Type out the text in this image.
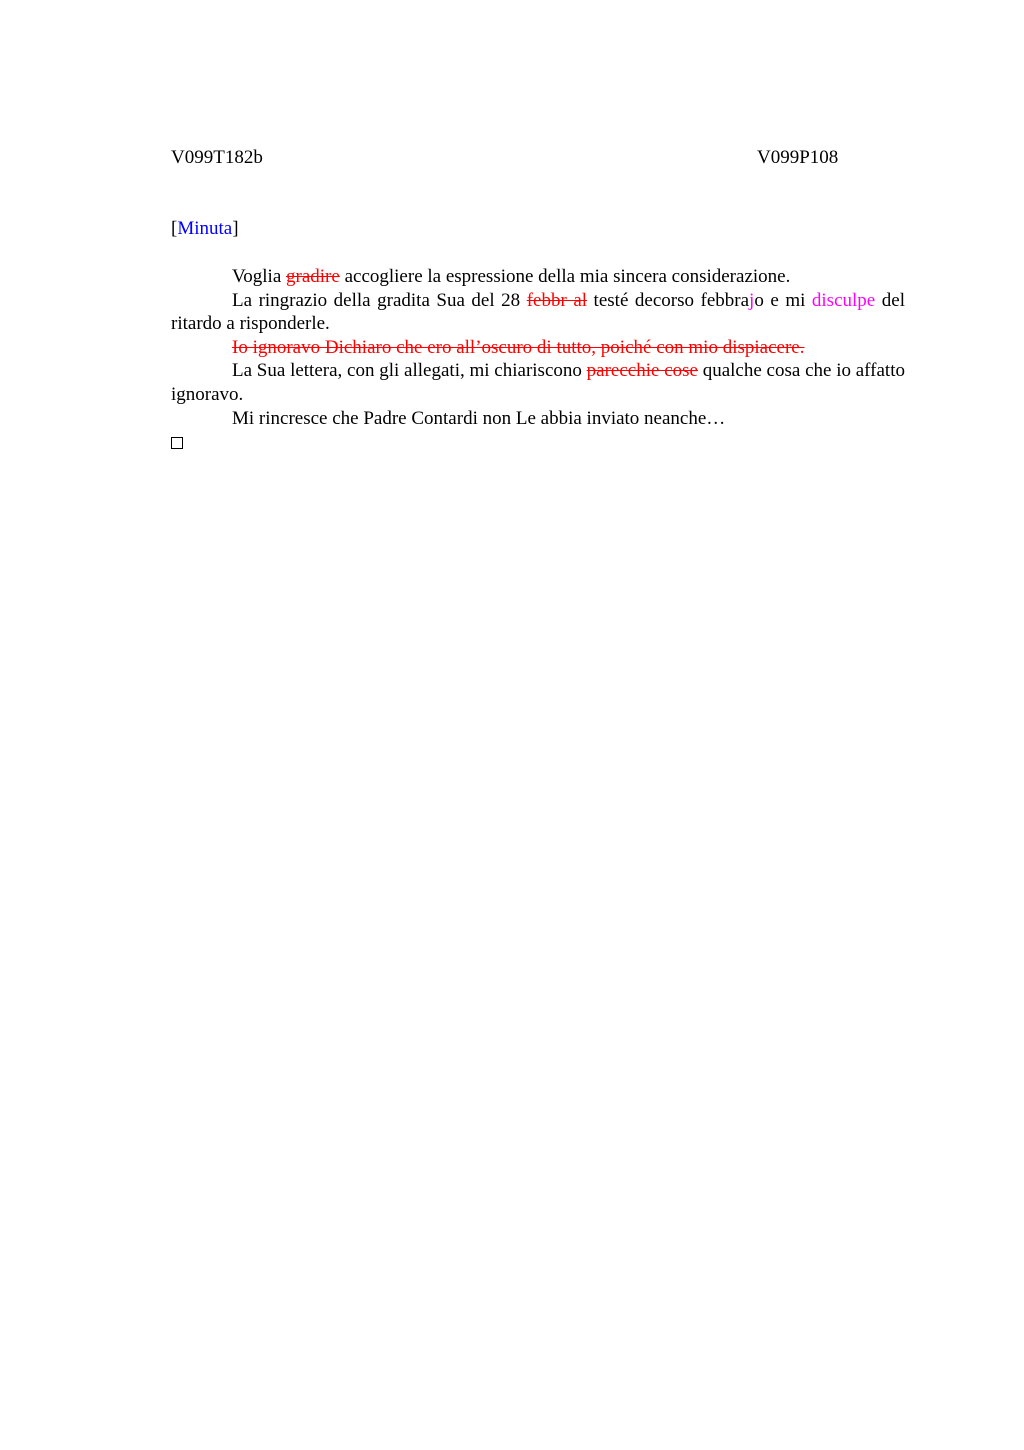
V099T182b	V099P108
[Minuta]

Voglia gradire accogliere la espressione della mia sincera considerazione.

La ringrazio della gradita Sua del 28 febbr al testé decorso febbrajo e mi disculpe del ritardo a risponderle.

Io ignoravo Dichiaro che ero all’oscuro di tutto, poiché con mio dispiacere.

La Sua lettera, con gli allegati, mi chiariscono parecchie cose qualche cosa che io affatto ignoravo.

Mi rincresce che Padre Contardi non Le abbia inviato neanche…
